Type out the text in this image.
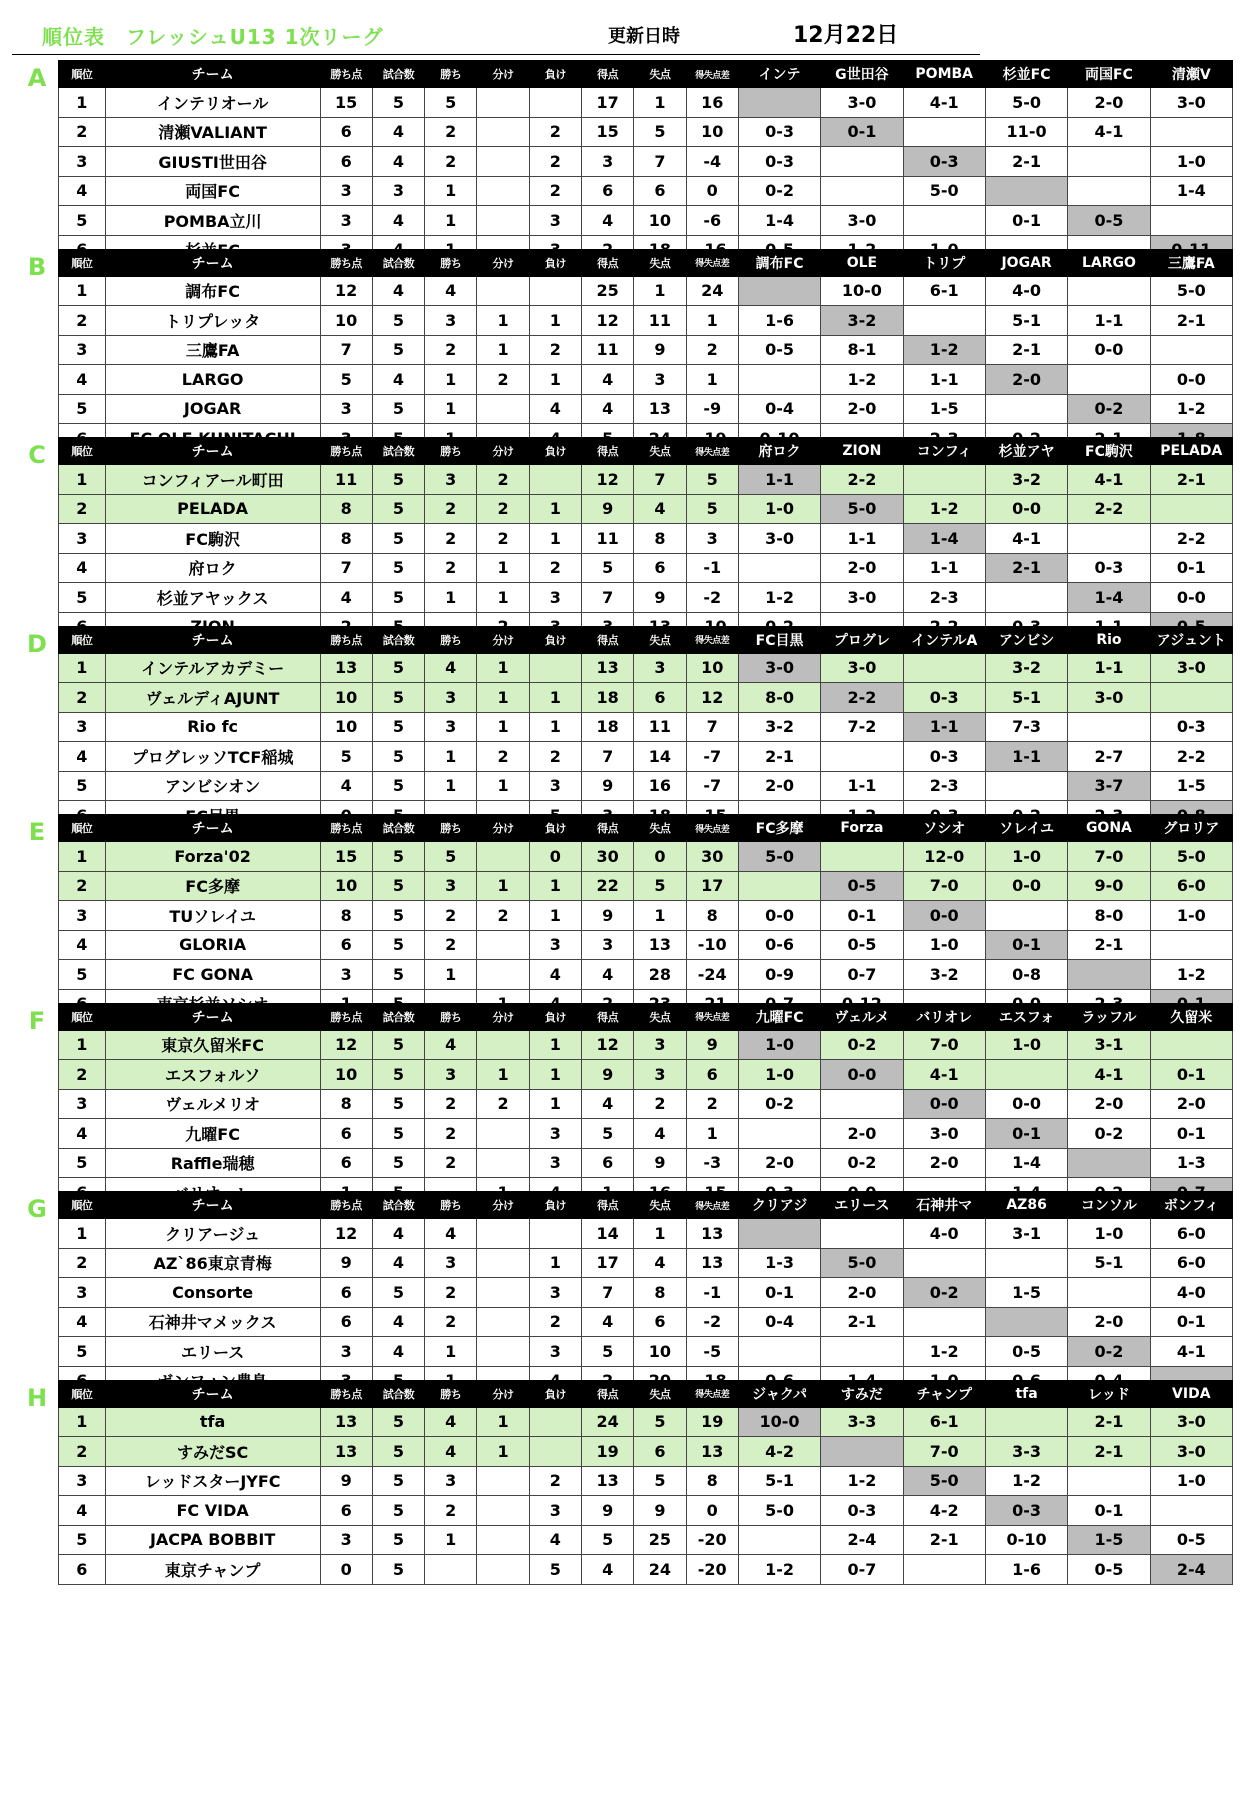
順位表　フレッシュU13 1次リーグ	更新日時	12月22日
A	順位	チーム	勝ち点	試合数	勝ち	分け	負け	得点	失点	得失点差	インテ	G世田谷	POMBA	杉並FC	両国FC	清瀬V
1	インテリオール	15	5	5			17	1	16		3-0	4-1	5-0	2-0	3-0
2	清瀬VALIANT	6	4	2		2	15	5	10	0-3	0-1		11-0	4-1	
3	GIUSTI世田谷	6	4	2		2	3	7	-4	0-3		0-3	2-1		1-0
4	両国FC	3	3	1		2	6	6	0	0-2		5-0			1-4
5	POMBA立川	3	4	1		3	4	10	-6	1-4	3-0		0-1	0-5	

B	順位	チーム	勝ち点	試合数	勝ち	分け	負け	得点	失点	得失点差	調布FC	OLE	トリプ	JOGAR	LARGO	三鷹FA
1	調布FC	12	4	4			25	1	24		10-0	6-1	4-0		5-0
2	トリプレッタ	10	5	3	1	1	12	11	1	1-6	3-2		5-1	1-1	2-1
3	三鷹FA	7	5	2	1	2	11	9	2	0-5	8-1	1-2	2-1	0-0	
4	LARGO	5	4	1	2	1	4	3	1		1-2	1-1	2-0		0-0
5	JOGAR	3	5	1		4	4	13	-9	0-4	2-0	1-5		0-2	1-2

C	順位	チーム	勝ち点	試合数	勝ち	分け	負け	得点	失点	得失点差	府ロク	ZION	コンフィ	杉並アヤ	FC駒沢	PELADA
1	コンフィアール町田	11	5	3	2		12	7	5	1-1	2-2		3-2	4-1	2-1
2	PELADA	8	5	2	2	1	9	4	5	1-0	5-0	1-2	0-0	2-2	
3	FC駒沢	8	5	2	2	1	11	8	3	3-0	1-1	1-4	4-1		2-2
4	府ロク	7	5	2	1	2	5	6	-1		2-0	1-1	2-1	0-3	0-1
5	杉並アヤックス	4	5	1	1	3	7	9	-2	1-2	3-0	2-3		1-4	0-0

D	順位	チーム	勝ち点	試合数	勝ち	分け	負け	得点	失点	得失点差	FC目黒	プログレ	インテルA	アンビシ	Rio	アジュント
1	インテルアカデミー	13	5	4	1		13	3	10	3-0	3-0		3-2	1-1	3-0
2	ヴェルディAJUNT	10	5	3	1	1	18	6	12	8-0	2-2	0-3	5-1	3-0	
3	Rio fc	10	5	3	1	1	18	11	7	3-2	7-2	1-1	7-3		0-3
4	プログレッソTCF稲城	5	5	1	2	2	7	14	-7	2-1		0-3	1-1	2-7	2-2
5	アンビシオン	4	5	1	1	3	9	16	-7	2-0	1-1	2-3		3-7	1-5

E	順位	チーム	勝ち点	試合数	勝ち	分け	負け	得点	失点	得失点差	FC多摩	Forza	ソシオ	ソレイユ	GONA	グロリア
1	Forza'02	15	5	5		0	30	0	30	5-0		12-0	1-0	7-0	5-0
2	FC多摩	10	5	3	1	1	22	5	17		0-5	7-0	0-0	9-0	6-0
3	TUソレイユ	8	5	2	2	1	9	1	8	0-0	0-1	0-0		8-0	1-0
4	GLORIA	6	5	2		3	3	13	-10	0-6	0-5	1-0	0-1	2-1	
5	FC GONA	3	5	1		4	4	28	-24	0-9	0-7	3-2	0-8		1-2

F	順位	チーム	勝ち点	試合数	勝ち	分け	負け	得点	失点	得失点差	九曜FC	ヴェルメ	バリオレ	エスフォ	ラッフル	久留米
1	東京久留米FC	12	5	4		1	12	3	9	1-0	0-2	7-0	1-0	3-1	
2	エスフォルソ	10	5	3	1	1	9	3	6	1-0	0-0	4-1		4-1	0-1
3	ヴェルメリオ	8	5	2	2	1	4	2	2	0-2		0-0	0-0	2-0	2-0
4	九曜FC	6	5	2		3	5	4	1		2-0	3-0	0-1	0-2	0-1
5	Raffle瑞穂	6	5	2		3	6	9	-3	2-0	0-2	2-0	1-4		1-3

G	順位	チーム	勝ち点	試合数	勝ち	分け	負け	得点	失点	得失点差	クリアジ	エリース	石神井マ	AZ86	コンソル	ボンフィ
1	クリアージュ	12	4	4			14	1	13			4-0	3-1	1-0	6-0
2	AZ`86東京青梅	9	4	3		1	17	4	13	1-3	5-0			5-1	6-0
3	Consorte	6	5	2		3	7	8	-1	0-1	2-0	0-2	1-5		4-0
4	石神井マメックス	6	4	2		2	4	6	-2	0-4	2-1			2-0	0-1
5	エリース	3	4	1		3	5	10	-5			1-2	0-5	0-2	4-1

H	順位	チーム	勝ち点	試合数	勝ち	分け	負け	得点	失点	得失点差	ジャクパ	すみだ	チャンプ	tfa	レッド	VIDA
1	tfa	13	5	4	1		24	5	19	10-0	3-3	6-1		2-1	3-0
2	すみだSC	13	5	4	1		19	6	13	4-2		7-0	3-3	2-1	3-0
3	レッドスターJYFC	9	5	3		2	13	5	8	5-1	1-2	5-0	1-2		1-0
4	FC VIDA	6	5	2		3	9	9	0	5-0	0-3	4-2	0-3	0-1	
5	JACPA BOBBIT	3	5	1		4	5	25	-20		2-4	2-1	0-10	1-5	0-5
6	東京チャンプ	0	5			5	4	24	-20	1-2	0-7		1-6	0-5	2-4
